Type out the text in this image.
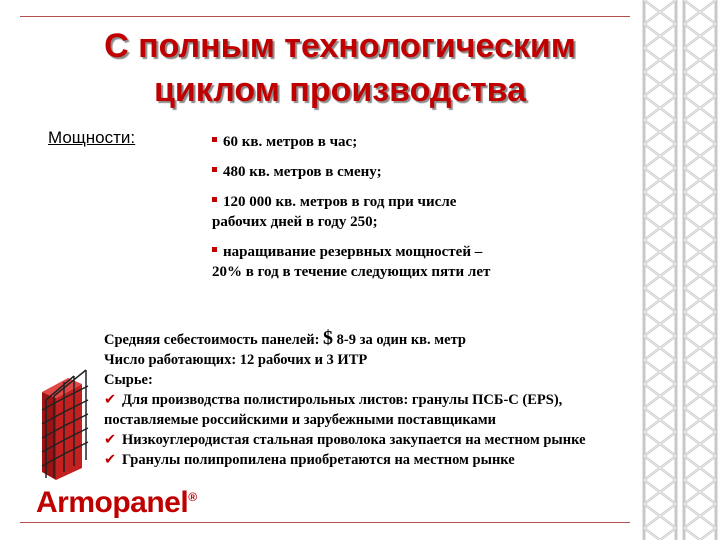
С полным технологическим
циклом производства
Мощности:	60 кв. метров в час;
480 кв. метров в смену;
120 000 кв. метров в год при числе
рабочих дней в году 250;
наращивание резервных мощностей –
20% в год в течение следующих пяти лет
Средняя себестоимость панелей: $ 8-9 за один кв. метр
Число работающих: 12 рабочих и 3 ИТР
Сырье:
✔ Для производства полистирольных листов: гранулы ПСБ-С (EPS),
поставляемые российскими и зарубежными поставщиками
✔ Низкоуглеродистая стальная проволока закупается на местном рынке
✔ Гранулы полипропилена приобретаются на местном рынке
Armopanel®
